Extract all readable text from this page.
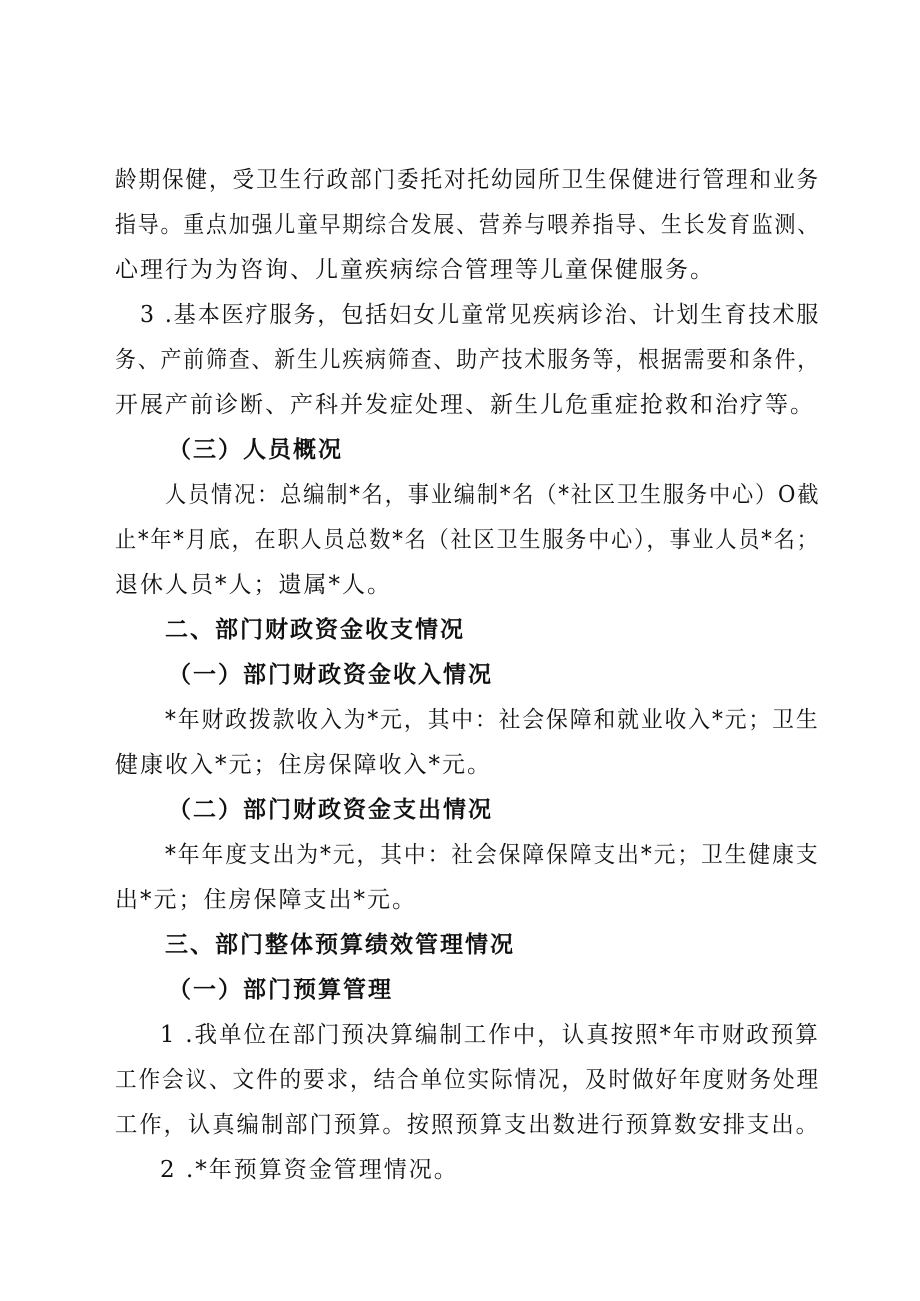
龄期保健，受卫生行政部门委托对托幼园所卫生保健进行管理和业务
指导。重点加强儿童早期综合发展、营养与喂养指导、生长发育监测、
心理行为为咨询、儿童疾病综合管理等儿童保健服务。
3 .基本医疗服务，包括妇女儿童常见疾病诊治、计划生育技术服
务、产前筛查、新生儿疾病筛查、助产技术服务等，根据需要和条件，
开展产前诊断、产科并发症处理、新生儿危重症抢救和治疗等。
（三）人员概况
人员情况：总编制*名，事业编制*名（*社区卫生服务中心）O截
止*年*月底，在职人员总数*名（社区卫生服务中心），事业人员*名；
退休人员*人；遗属*人。
二、部门财政资金收支情况
（一）部门财政资金收入情况
*年财政拨款收入为*元，其中：社会保障和就业收入*元；卫生
健康收入*元；住房保障收入*元。
（二）部门财政资金支出情况
*年年度支出为*元，其中：社会保障保障支出*元；卫生健康支
出*元；住房保障支出*元。
三、部门整体预算绩效管理情况
（一）部门预算管理
1 .我单位在部门预决算编制工作中，认真按照*年市财政预算
工作会议、文件的要求，结合单位实际情况，及时做好年度财务处理
工作，认真编制部门预算。按照预算支出数进行预算数安排支出。
2 .*年预算资金管理情况。
